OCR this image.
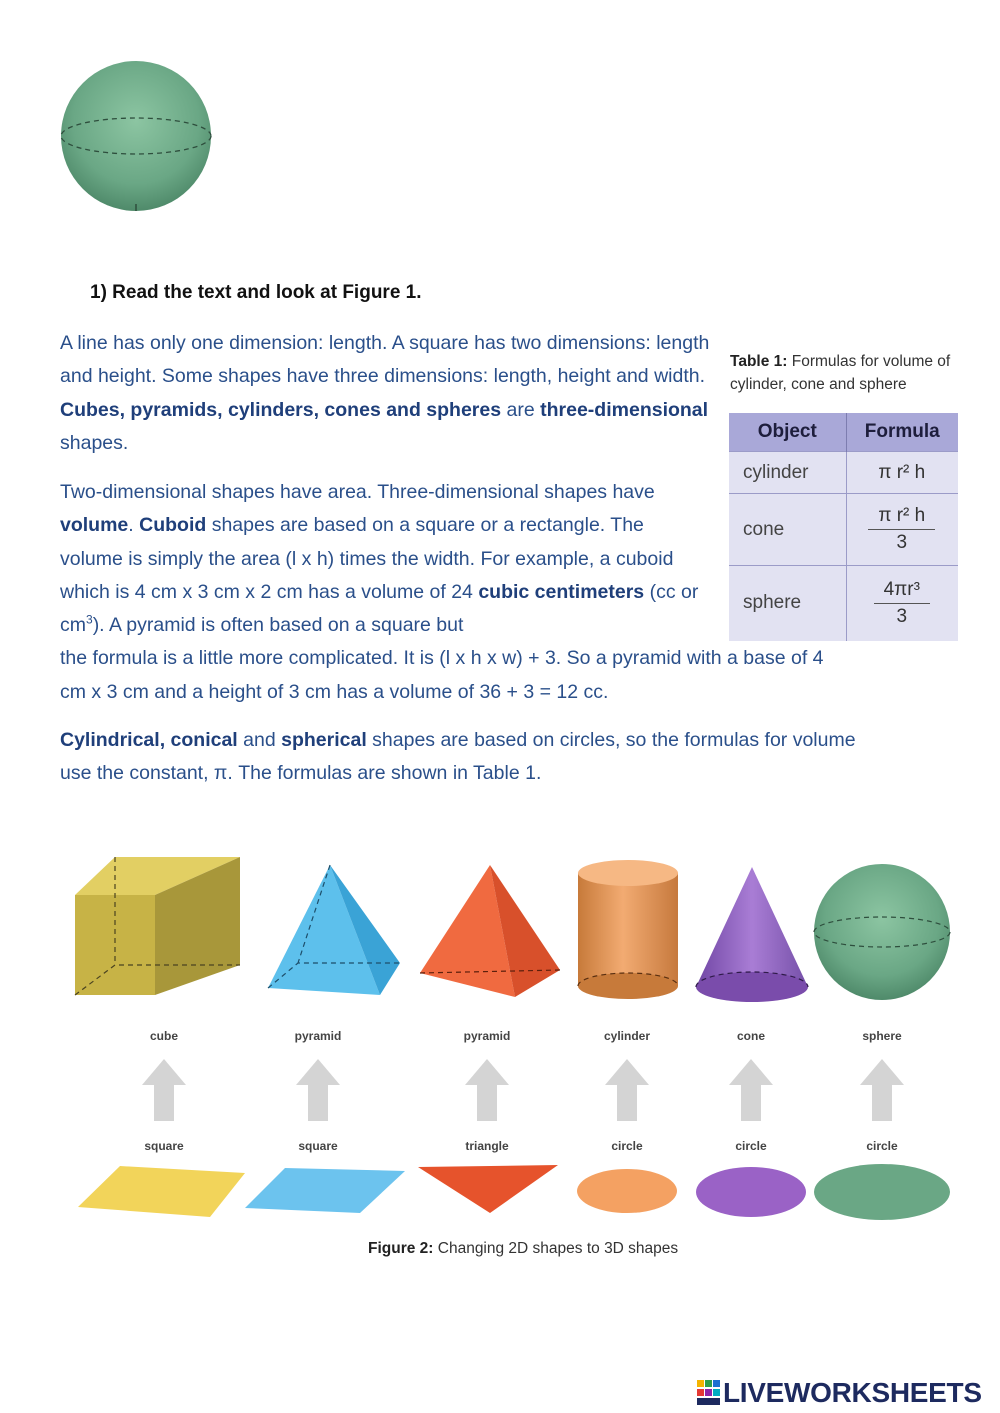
1) Read the text and look at Figure 1.
A line has only one dimension: length. A square has two dimensions: length and height. Some shapes have three dimensions: length, height and width. Cubes, pyramids, cylinders, cones and spheres are three-dimensional shapes.
Two-dimensional shapes have area. Three-dimensional shapes have volume. Cuboid shapes are based on a square or a rectangle. The volume is simply the area (l x h) times the width. For example, a cuboid which is 4 cm x 3 cm x 2 cm has a volume of 24 cubic centimeters (cc or $cm^3$). A pyramid is often based on a square but
the formula is a little more complicated. It is (l x h x w) + 3. So a pyramid with a base of 4 cm x 3 cm and a height of 3 cm has a volume of 36 + 3 = 12 cc.
Cylindrical, conical and spherical shapes are based on circles, so the formulas for volume use the constant, π. The formulas are shown in Table 1.
Table 1: Formulas for volume of cylinder, cone and sphere
Object	Formula
cylinder	π r² h
cone	$\frac{\text{π r² h}}{3}$

sphere	$\frac{\text{4πr³}}{3}$
cube	pyramid	pyramid	cylinder	cone	sphere
square	square	triangle	circle	circle	circle
Figure 2: Changing 2D shapes to 3D shapes
LIVEWORKSHEETS
